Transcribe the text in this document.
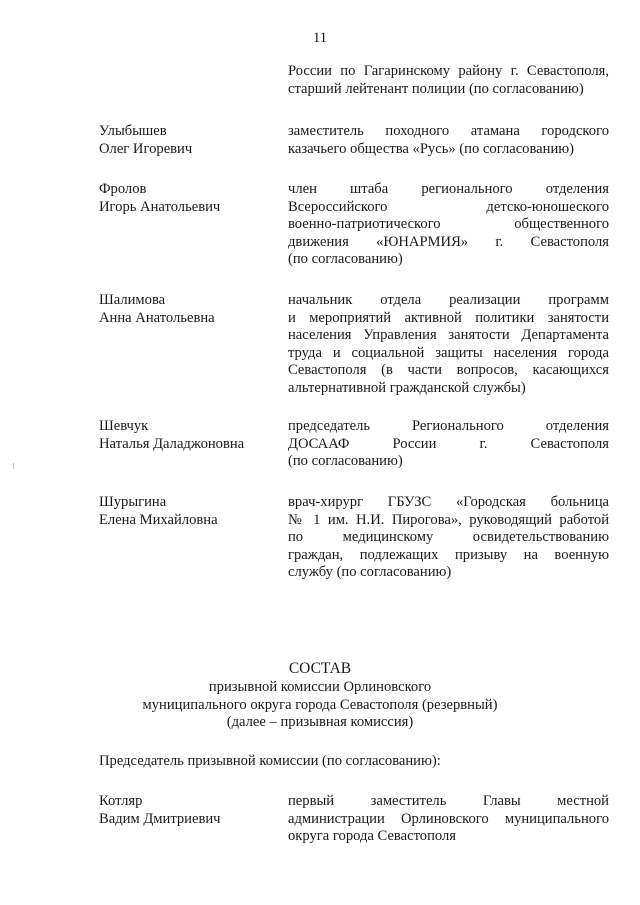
11
России по Гагаринскому району г. Севастополя,
старший лейтенант полиции (по согласованию)
Улыбышев
Олег Игоревич
заместитель походного атамана городского
казачьего общества «Русь» (по согласованию)
Фролов
Игорь Анатольевич
член штаба регионального отделения
Всероссийского детско-юношеского
военно-патриотического общественного
движения «ЮНАРМИЯ» г. Севастополя
(по согласованию)
Шалимова
Анна Анатольевна
начальник отдела реализации программ
и мероприятий активной политики занятости
населения Управления занятости Департамента
труда и социальной защиты населения города
Севастополя (в части вопросов, касающихся
альтернативной гражданской службы)
Шевчук
Наталья Даладжоновна
председатель Регионального отделения
ДОСААФ России г. Севастополя
(по согласованию)
Шурыгина
Елена Михайловна
врач-хирург ГБУЗС «Городская больница
№ 1 им. Н.И. Пирогова», руководящий работой
по медицинскому освидетельствованию
граждан, подлежащих призыву на военную
службу (по согласованию)
СОСТАВ
призывной комиссии Орлиновского
муниципального округа города Севастополя (резервный)
(далее – призывная комиссия)
Председатель призывной комиссии (по согласованию):
Котляр
Вадим Дмитриевич
первый заместитель Главы местной
администрации Орлиновского муниципального
округа города Севастополя
